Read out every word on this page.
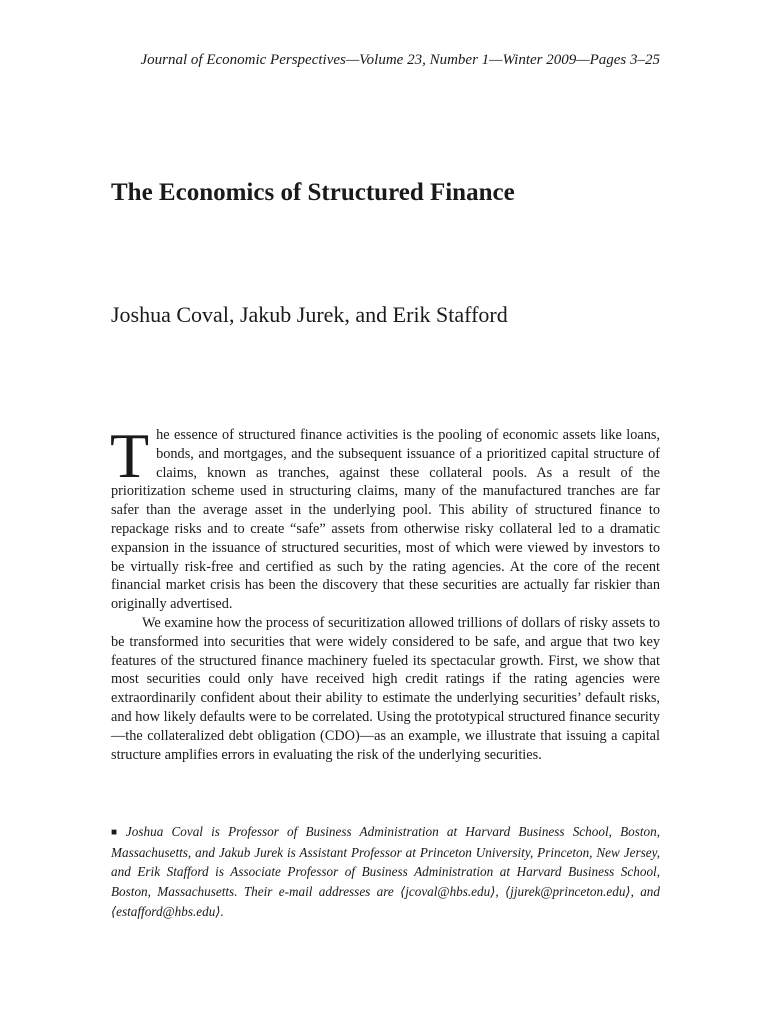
Journal of Economic Perspectives—Volume 23, Number 1—Winter 2009—Pages 3–25
The Economics of Structured Finance
Joshua Coval, Jakub Jurek, and Erik Stafford

The essence of structured finance activities is the pooling of economic assets like loans, bonds, and mortgages, and the subsequent issuance of a prioritized capital structure of claims, known as tranches, against these collateral pools. As a result of the prioritization scheme used in structuring claims, many of the manufactured tranches are far safer than the average asset in the underlying pool. This ability of structured finance to repackage risks and to create “safe” assets from otherwise risky collateral led to a dramatic expansion in the issuance of structured securities, most of which were viewed by investors to be virtually risk-free and certified as such by the rating agencies. At the core of the recent financial market crisis has been the discovery that these securities are actually far riskier than originally advertised.

We examine how the process of securitization allowed trillions of dollars of risky assets to be transformed into securities that were widely considered to be safe, and argue that two key features of the structured finance machinery fueled its spectacular growth. First, we show that most securities could only have received high credit ratings if the rating agencies were extraordinarily confident about their ability to estimate the underlying securities’ default risks, and how likely defaults were to be correlated. Using the prototypical structured finance security—the collateralized debt obligation (CDO)—as an example, we illustrate that issuing a capital structure amplifies errors in evaluating the risk of the underlying securities.

■ Joshua Coval is Professor of Business Administration at Harvard Business School, Boston, Massachusetts, and Jakub Jurek is Assistant Professor at Princeton University, Princeton, New Jersey, and Erik Stafford is Associate Professor of Business Administration at Harvard Business School, Boston, Massachusetts. Their e-mail addresses are ⟨jcoval@hbs.edu⟩, ⟨jjurek@princeton.edu⟩, and ⟨estafford@hbs.edu⟩.
